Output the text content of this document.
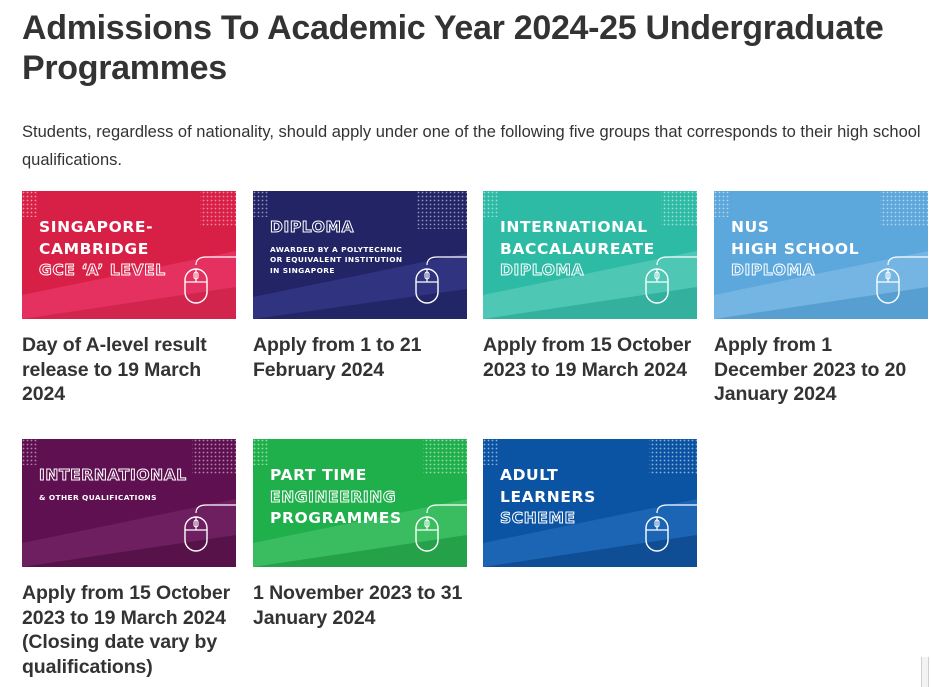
Admissions To Academic Year 2024-25 Undergraduate Programmes

Students, regardless of nationality, should apply under one of the following five groups that corresponds to their high school qualifications.

SINGAPORE-
CAMBRIDGE
GCE ‘A’ LEVEL
Day of A-level result release to 19 March 2024
DIPLOMA
AWARDED BY A POLYTECHNIC
OR EQUIVALENT INSTITUTION
IN SINGAPORE
Apply from 1 to 21 February 2024
INTERNATIONAL
BACCALAUREATE
DIPLOMA
Apply from 15 October 2023 to 19 March 2024
NUS
HIGH SCHOOL
DIPLOMA
Apply from 1 December 2023 to 20 January 2024
INTERNATIONAL
& OTHER QUALIFICATIONS
Apply from 15 October 2023 to 19 March 2024 (Closing date vary by qualifications)
PART TIME
ENGINEERING
PROGRAMMES
1 November 2023 to 31 January 2024
ADULT
LEARNERS
SCHEME
